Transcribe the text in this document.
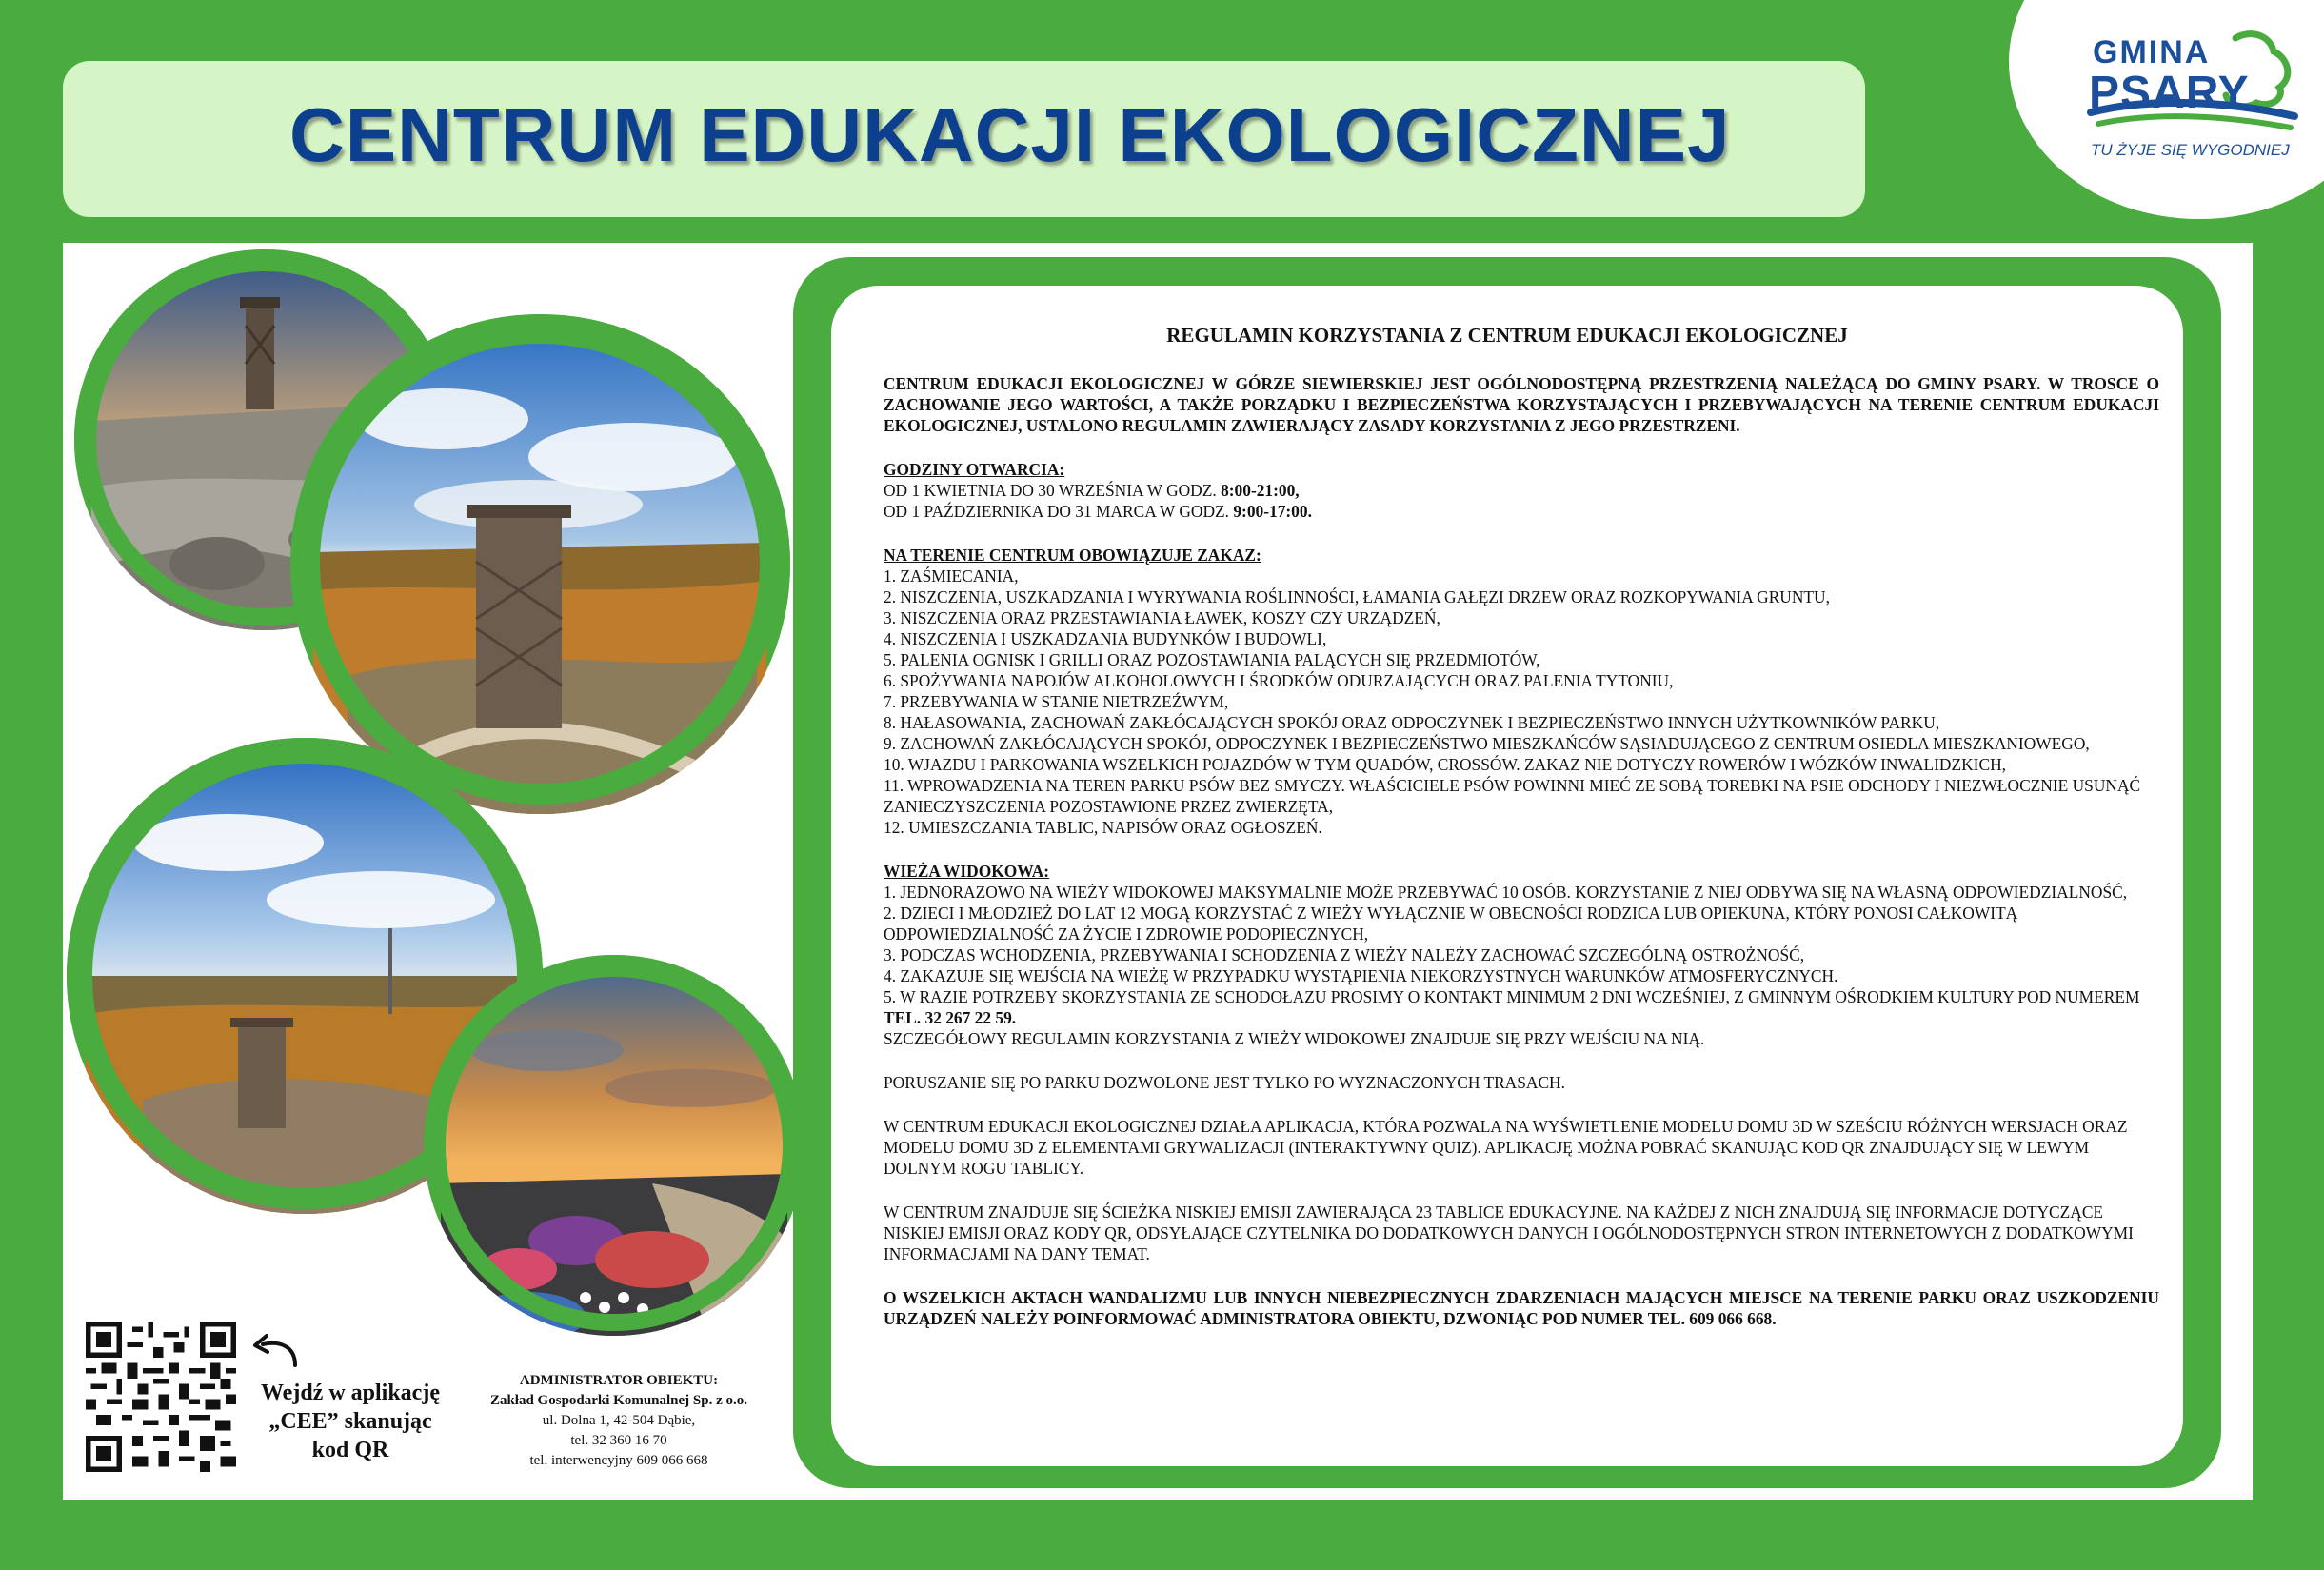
CENTRUM EDUKACJI EKOLOGICZNEJ
GMINA
PSARY
TU ŻYJE SIĘ WYGODNIEJ
REGULAMIN KORZYSTANIA Z CENTRUM EDUKACJI EKOLOGICZNEJ

CENTRUM EDUKACJI EKOLOGICZNEJ W GÓRZE SIEWIERSKIEJ JEST OGÓLNODOSTĘPNĄ PRZESTRZENIĄ NALEŻĄCĄ DO GMINY PSARY. W TROSCE O ZACHOWANIE JEGO WARTOŚCI, A TAKŻE PORZĄDKU I BEZPIECZEŃSTWA KORZYSTAJĄCYCH I PRZEBYWAJĄCYCH NA TERENIE CENTRUM EDUKACJI EKOLOGICZNEJ, USTALONO REGULAMIN ZAWIERAJĄCY ZASADY KORZYSTANIA Z JEGO PRZESTRZENI.

GODZINY OTWARCIA:

OD 1 KWIETNIA DO 30 WRZEŚNIA W GODZ. 8:00-21:00,

OD 1 PAŹDZIERNIKA DO 31 MARCA W GODZ. 9:00-17:00.

NA TERENIE CENTRUM OBOWIĄZUJE ZAKAZ:

1. ZAŚMIECANIA,

2. NISZCZENIA, USZKADZANIA I WYRYWANIA ROŚLINNOŚCI, ŁAMANIA GAŁĘZI DRZEW ORAZ ROZKOPYWANIA GRUNTU,

3. NISZCZENIA ORAZ PRZESTAWIANIA ŁAWEK, KOSZY CZY URZĄDZEŃ,

4. NISZCZENIA I USZKADZANIA BUDYNKÓW I BUDOWLI,

5. PALENIA OGNISK I GRILLI ORAZ POZOSTAWIANIA PALĄCYCH SIĘ PRZEDMIOTÓW,

6. SPOŻYWANIA NAPOJÓW ALKOHOLOWYCH I ŚRODKÓW ODURZAJĄCYCH ORAZ PALENIA TYTONIU,

7. PRZEBYWANIA W STANIE NIETRZEŹWYM,

8. HAŁASOWANIA, ZACHOWAŃ ZAKŁÓCAJĄCYCH SPOKÓJ ORAZ ODPOCZYNEK I BEZPIECZEŃSTWO INNYCH UŻYTKOWNIKÓW PARKU,

9. ZACHOWAŃ ZAKŁÓCAJĄCYCH SPOKÓJ, ODPOCZYNEK I BEZPIECZEŃSTWO MIESZKAŃCÓW SĄSIADUJĄCEGO Z CENTRUM OSIEDLA MIESZKANIOWEGO,

10. WJAZDU I PARKOWANIA WSZELKICH POJAZDÓW W TYM QUADÓW, CROSSÓW. ZAKAZ NIE DOTYCZY ROWERÓW I WÓZKÓW INWALIDZKICH,

11. WPROWADZENIA NA TEREN PARKU PSÓW BEZ SMYCZY. WŁAŚCICIELE PSÓW POWINNI MIEĆ ZE SOBĄ TOREBKI NA PSIE ODCHODY I NIEZWŁOCZNIE USUNĄĆ ZANIECZYSZCZENIA POZOSTAWIONE PRZEZ ZWIERZĘTA,

12. UMIESZCZANIA TABLIC, NAPISÓW ORAZ OGŁOSZEŃ.

WIEŻA WIDOKOWA:

1. JEDNORAZOWO NA WIEŻY WIDOKOWEJ MAKSYMALNIE MOŻE PRZEBYWAĆ 10 OSÓB. KORZYSTANIE Z NIEJ ODBYWA SIĘ NA WŁASNĄ ODPOWIEDZIALNOŚĆ,

2. DZIECI I MŁODZIEŻ DO LAT 12 MOGĄ KORZYSTAĆ Z WIEŻY WYŁĄCZNIE W OBECNOŚCI RODZICA LUB OPIEKUNA, KTÓRY PONOSI CAŁKOWITĄ ODPOWIEDZIALNOŚĆ ZA ŻYCIE I ZDROWIE PODOPIECZNYCH,

3. PODCZAS WCHODZENIA, PRZEBYWANIA I SCHODZENIA Z WIEŻY NALEŻY ZACHOWAĆ SZCZEGÓLNĄ OSTROŻNOŚĆ,

4. ZAKAZUJE SIĘ WEJŚCIA NA WIEŻĘ W PRZYPADKU WYSTĄPIENIA NIEKORZYSTNYCH WARUNKÓW ATMOSFERYCZNYCH.

5. W RAZIE POTRZEBY SKORZYSTANIA ZE SCHODOŁAZU PROSIMY O KONTAKT MINIMUM 2 DNI WCZEŚNIEJ, Z GMINNYM OŚRODKIEM KULTURY POD NUMEREM TEL. 32 267 22 59.

SZCZEGÓŁOWY REGULAMIN KORZYSTANIA Z WIEŻY WIDOKOWEJ ZNAJDUJE SIĘ PRZY WEJŚCIU NA NIĄ.

PORUSZANIE SIĘ PO PARKU DOZWOLONE JEST TYLKO PO WYZNACZONYCH TRASACH.

W CENTRUM EDUKACJI EKOLOGICZNEJ DZIAŁA APLIKACJA, KTÓRA POZWALA NA WYŚWIETLENIE MODELU DOMU 3D W SZEŚCIU RÓŻNYCH WERSJACH ORAZ MODELU DOMU 3D Z ELEMENTAMI GRYWALIZACJI (INTERAKTYWNY QUIZ). APLIKACJĘ MOŻNA POBRAĆ SKANUJĄC KOD QR ZNAJDUJĄCY SIĘ W LEWYM DOLNYM ROGU TABLICY.

W CENTRUM ZNAJDUJE SIĘ ŚCIEŻKA NISKIEJ EMISJI ZAWIERAJĄCA 23 TABLICE EDUKACYJNE. NA KAŻDEJ Z NICH ZNAJDUJĄ SIĘ INFORMACJE DOTYCZĄCE NISKIEJ EMISJI ORAZ KODY QR, ODSYŁAJĄCE CZYTELNIKA DO DODATKOWYCH DANYCH I OGÓLNODOSTĘPNYCH STRON INTERNETOWYCH Z DODATKOWYMI INFORMACJAMI NA DANY TEMAT.

O WSZELKICH AKTACH WANDALIZMU LUB INNYCH NIEBEZPIECZNYCH ZDARZENIACH MAJĄCYCH MIEJSCE NA TERENIE PARKU ORAZ USZKODZENIU URZĄDZEŃ NALEŻY POINFORMOWAĆ ADMINISTRATORA OBIEKTU, DZWONIĄC POD NUMER TEL. 609 066 668.

Wejdź w aplikację
„CEE” skanując
kod QR
ADMINISTRATOR OBIEKTU:
Zakład Gospodarki Komunalnej Sp. z o.o.
ul. Dolna 1, 42-504 Dąbie,
tel. 32 360 16 70
tel. interwencyjny 609 066 668
